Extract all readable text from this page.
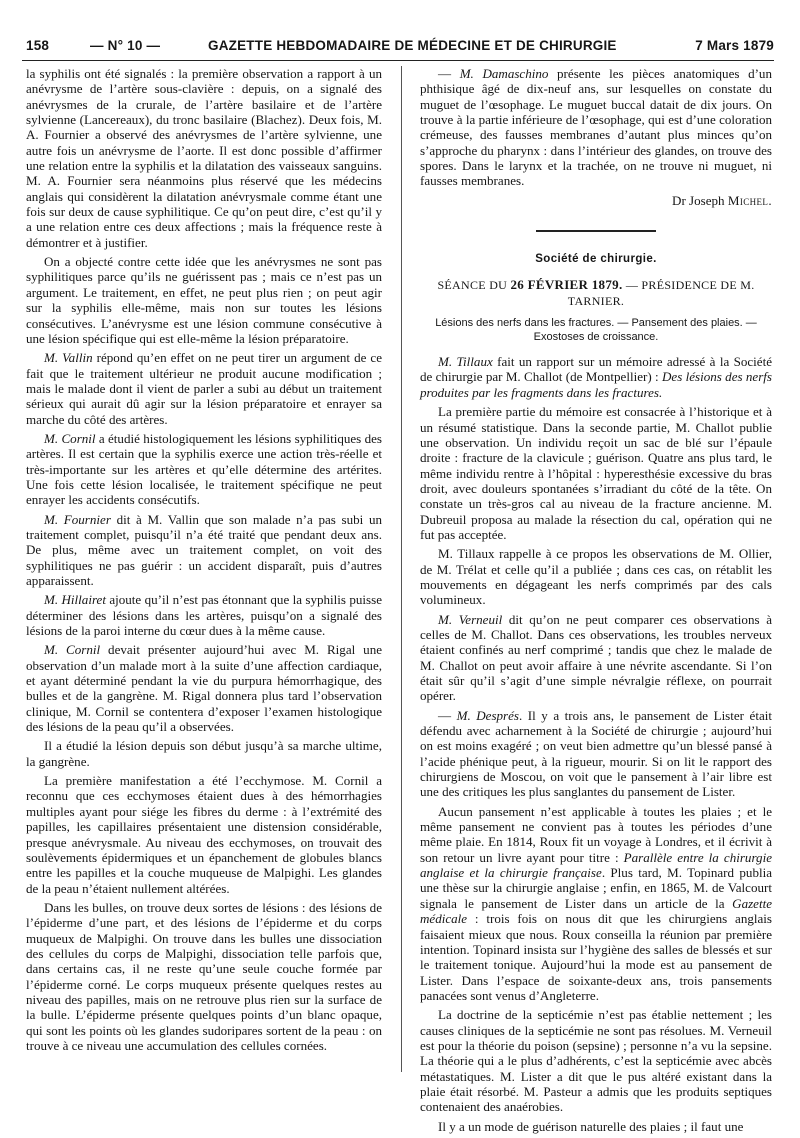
158	— N° 10 —	GAZETTE HEBDOMADAIRE DE MÉDECINE ET DE CHIRURGIE	7 Mars 1879

la syphilis ont été signalés : la première observation a rapport à un anévrysme de l’artère sous-clavière : depuis, on a signalé des anévrysmes de la crurale, de l’artère basilaire et de l’artère sylvienne (Lancereaux), du tronc basilaire (Blachez). Deux fois, M. A. Fournier a observé des anévrysmes de l’artère sylvienne, une autre fois un anévrysme de l’aorte. Il est donc possible d’affirmer une relation entre la syphilis et la dilatation des vaisseaux sanguins. M. A. Fournier sera néanmoins plus réservé que les médecins anglais qui considèrent la dilatation anévrysmale comme étant une fois sur deux de cause syphilitique. Ce qu’on peut dire, c’est qu’il y a une relation entre ces deux affections ; mais la fréquence reste à démontrer et à justifier.

On a objecté contre cette idée que les anévrysmes ne sont pas syphilitiques parce qu’ils ne guérissent pas ; mais ce n’est pas un argument. Le traitement, en effet, ne peut plus rien ; on peut agir sur la syphilis elle-même, mais non sur toutes les lésions consécutives. L’anévrysme est une lésion commune consécutive à une lésion spécifique qui est elle-même la lésion préparatoire.

M. Vallin répond qu’en effet on ne peut tirer un argument de ce fait que le traitement ultérieur ne produit aucune modification ; mais le malade dont il vient de parler a subi au début un traitement sérieux qui aurait dû agir sur la lésion préparatoire et enrayer sa marche du côté des artères.

M. Cornil a étudié histologiquement les lésions syphilitiques des artères. Il est certain que la syphilis exerce une action très-réelle et très-importante sur les artères et qu’elle détermine des artérites. Une fois cette lésion localisée, le traitement spécifique ne peut enrayer les accidents consécutifs.

M. Fournier dit à M. Vallin que son malade n’a pas subi un traitement complet, puisqu’il n’a été traité que pendant deux ans. De plus, même avec un traitement complet, on voit des syphilitiques ne pas guérir : un accident disparaît, puis d’autres apparaissent.

M. Hillairet ajoute qu’il n’est pas étonnant que la syphilis puisse déterminer des lésions dans les artères, puisqu’on a signalé des lésions de la paroi interne du cœur dues à la même cause.

M. Cornil devait présenter aujourd’hui avec M. Rigal une observation d’un malade mort à la suite d’une affection cardiaque, et ayant déterminé pendant la vie du purpura hémorrhagique, des bulles et de la gangrène. M. Rigal donnera plus tard l’observation clinique, M. Cornil se contentera d’exposer l’examen histologique des lésions de la peau qu’il a observées.

Il a étudié la lésion depuis son début jusqu’à sa marche ultime, la gangrène.

La première manifestation a été l’ecchymose. M. Cornil a reconnu que ces ecchymoses étaient dues à des hémorrhagies multiples ayant pour siége les fibres du derme : à l’extrémité des papilles, les capillaires présentaient une distension considérable, presque anévrysmale. Au niveau des ecchymoses, on trouvait des soulèvements épidermiques et un épanchement de globules blancs entre les papilles et la couche muqueuse de Malpighi. Les glandes de la peau n’étaient nullement altérées.

Dans les bulles, on trouve deux sortes de lésions : des lésions de l’épiderme d’une part, et des lésions de l’épiderme et du corps muqueux de Malpighi. On trouve dans les bulles une dissociation des cellules du corps de Malpighi, dissociation telle parfois que, dans certains cas, il ne reste qu’une seule couche formée par l’épiderme corné. Le corps muqueux présente quelques restes au niveau des papilles, mais on ne retrouve plus rien sur la surface de la bulle. L’épiderme présente quelques points d’un blanc opaque, qui sont les points où les glandes sudoripares sortent de la peau : on trouve à ce niveau une accumulation des cellules cornées.

— M. Damaschino présente les pièces anatomiques d’un phthisique âgé de dix-neuf ans, sur lesquelles on constate du muguet de l’œsophage. Le muguet buccal datait de dix jours. On trouve à la partie inférieure de l’œsophage, qui est d’une coloration crémeuse, des fausses membranes d’autant plus minces qu’on s’approche du pharynx : dans l’intérieur des glandes, on trouve des spores. Dans le larynx et la trachée, on ne trouve ni muguet, ni fausses membranes.

Dr Joseph Michel.

Société de chirurgie.
SÉANCE DU 26 FÉVRIER 1879. — PRÉSIDENCE DE M. TARNIER.
Lésions des nerfs dans les fractures. — Pansement des plaies. — Exostoses de croissance.

M. Tillaux fait un rapport sur un mémoire adressé à la Société de chirurgie par M. Challot (de Montpellier) : Des lésions des nerfs produites par les fragments dans les fractures.

La première partie du mémoire est consacrée à l’historique et à un résumé statistique. Dans la seconde partie, M. Challot publie une observation. Un individu reçoit un sac de blé sur l’épaule droite : fracture de la clavicule ; guérison. Quatre ans plus tard, le même individu rentre à l’hôpital : hyperesthésie excessive du bras droit, avec douleurs spontanées s’irradiant du côté de la tête. On constate un très-gros cal au niveau de la fracture ancienne. M. Dubreuil proposa au malade la résection du cal, opération qui ne fut pas acceptée.

M. Tillaux rappelle à ce propos les observations de M. Ollier, de M. Trélat et celle qu’il a publiée ; dans ces cas, on rétablit les mouvements en dégageant les nerfs comprimés par des cals volumineux.

M. Verneuil dit qu’on ne peut comparer ces observations à celles de M. Challot. Dans ces observations, les troubles nerveux étaient confinés au nerf comprimé ; tandis que chez le malade de M. Challot on peut avoir affaire à une névrite ascendante. Si l’on était sûr qu’il s’agit d’une simple névralgie réflexe, on pourrait opérer.

— M. Després. Il y a trois ans, le pansement de Lister était défendu avec acharnement à la Société de chirurgie ; aujourd’hui on est moins exagéré ; on veut bien admettre qu’un blessé pansé à l’acide phénique peut, à la rigueur, mourir. Si on lit le rapport des chirurgiens de Moscou, on voit que le pansement à l’air libre est une des critiques les plus sanglantes du pansement de Lister.

Aucun pansement n’est applicable à toutes les plaies ; et le même pansement ne convient pas à toutes les périodes d’une même plaie. En 1814, Roux fit un voyage à Londres, et il écrivit à son retour un livre ayant pour titre : Parallèle entre la chirurgie anglaise et la chirurgie française. Plus tard, M. Topinard publia une thèse sur la chirurgie anglaise ; enfin, en 1865, M. de Valcourt signala le pansement de Lister dans un article de la Gazette médicale : trois fois on nous dit que les chirurgiens anglais faisaient mieux que nous. Roux conseilla la réunion par première intention. Topinard insista sur l’hygiène des salles de blessés et sur le traitement tonique. Aujourd’hui la mode est au pansement de Lister. Dans l’espace de soixante-deux ans, trois pansements panacées sont venus d’Angleterre.

La doctrine de la septicémie n’est pas établie nettement ; les causes cliniques de la septicémie ne sont pas résolues. M. Verneuil est pour la théorie du poison (sepsine) ; personne n’a vu la sepsine. La théorie qui a le plus d’adhérents, c’est la septicémie avec abcès métastatiques. M. Lister a dit que le pus altéré existant dans la plaie était résorbé. M. Pasteur a admis que les produits septiques contenaient des anaérobies.

Il y a un mode de guérison naturelle des plaies ; il faut une
